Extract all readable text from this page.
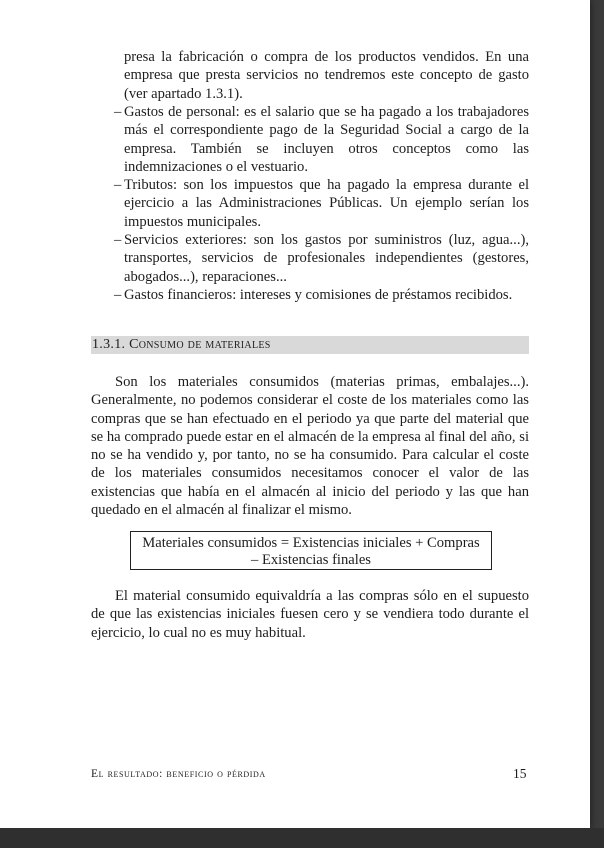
presa la fabricación o compra de los productos vendidos. En una empresa que presta servicios no tendremos este concepto de gasto (ver apartado 1.3.1).
– Gastos de personal: es el salario que se ha pagado a los trabajadores más el correspondiente pago de la Seguridad Social a cargo de la empresa. También se incluyen otros conceptos como las indemnizaciones o el vestuario.
– Tributos: son los impuestos que ha pagado la empresa durante el ejercicio a las Administraciones Públicas. Un ejemplo serían los impuestos municipales.
– Servicios exteriores: son los gastos por suministros (luz, agua...), transportes, servicios de profesionales independientes (gestores, abogados...), reparaciones...
– Gastos financieros: intereses y comisiones de préstamos recibidos.
1.3.1. Consumo de materiales
Son los materiales consumidos (materias primas, embalajes...). Generalmente, no podemos considerar el coste de los materiales como las compras que se han efectuado en el periodo ya que parte del material que se ha comprado puede estar en el almacén de la empresa al final del año, si no se ha vendido y, por tanto, no se ha consumido. Para calcular el coste de los materiales consumidos necesitamos conocer el valor de las existencias que había en el almacén al inicio del periodo y las que han quedado en el almacén al finalizar el mismo.
Materiales consumidos = Existencias iniciales + Compras
– Existencias finales
El material consumido equivaldría a las compras sólo en el supuesto de que las existencias iniciales fuesen cero y se vendiera todo durante el ejercicio, lo cual no es muy habitual.
El resultado: beneficio o pérdida	15
